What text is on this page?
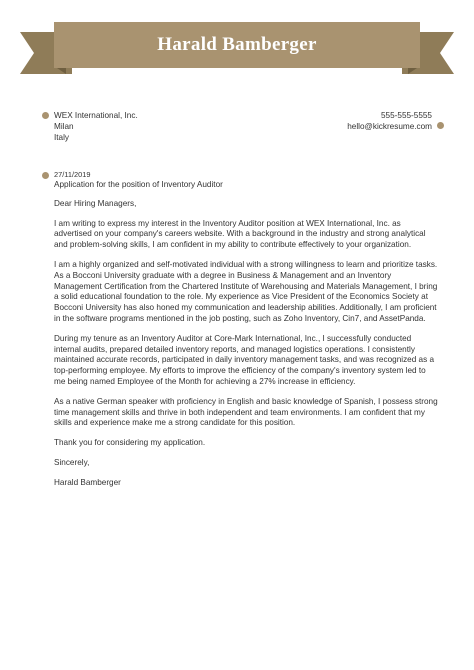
Harald Bamberger
WEX International, Inc.
Milan
Italy
555-555-5555
hello@kickresume.com
27/11/2019

Application for the position of Inventory Auditor

Dear Hiring Managers,

I am writing to express my interest in the Inventory Auditor position at WEX International, Inc. as advertised on your company's careers website. With a background in the industry and strong analytical and problem-solving skills, I am confident in my ability to contribute effectively to your organization.

I am a highly organized and self-motivated individual with a strong willingness to learn and prioritize tasks. As a Bocconi University graduate with a degree in Business & Management and an Inventory Management Certification from the Chartered Institute of Warehousing and Materials Management, I bring a solid educational foundation to the role. My experience as Vice President of the Economics Society at Bocconi University has also honed my communication and leadership abilities. Additionally, I am proficient in the software programs mentioned in the job posting, such as Zoho Inventory, Cin7, and AssetPanda.

During my tenure as an Inventory Auditor at Core-Mark International, Inc., I successfully conducted internal audits, prepared detailed inventory reports, and managed logistics operations. I consistently maintained accurate records, participated in daily inventory management tasks, and was recognized as a top-performing employee. My efforts to improve the efficiency of the company's inventory system led to me being named Employee of the Month for achieving a 27% increase in efficiency.

As a native German speaker with proficiency in English and basic knowledge of Spanish, I possess strong time management skills and thrive in both independent and team environments. I am confident that my skills and experience make me a strong candidate for this position.

Thank you for considering my application.

Sincerely,

Harald Bamberger
